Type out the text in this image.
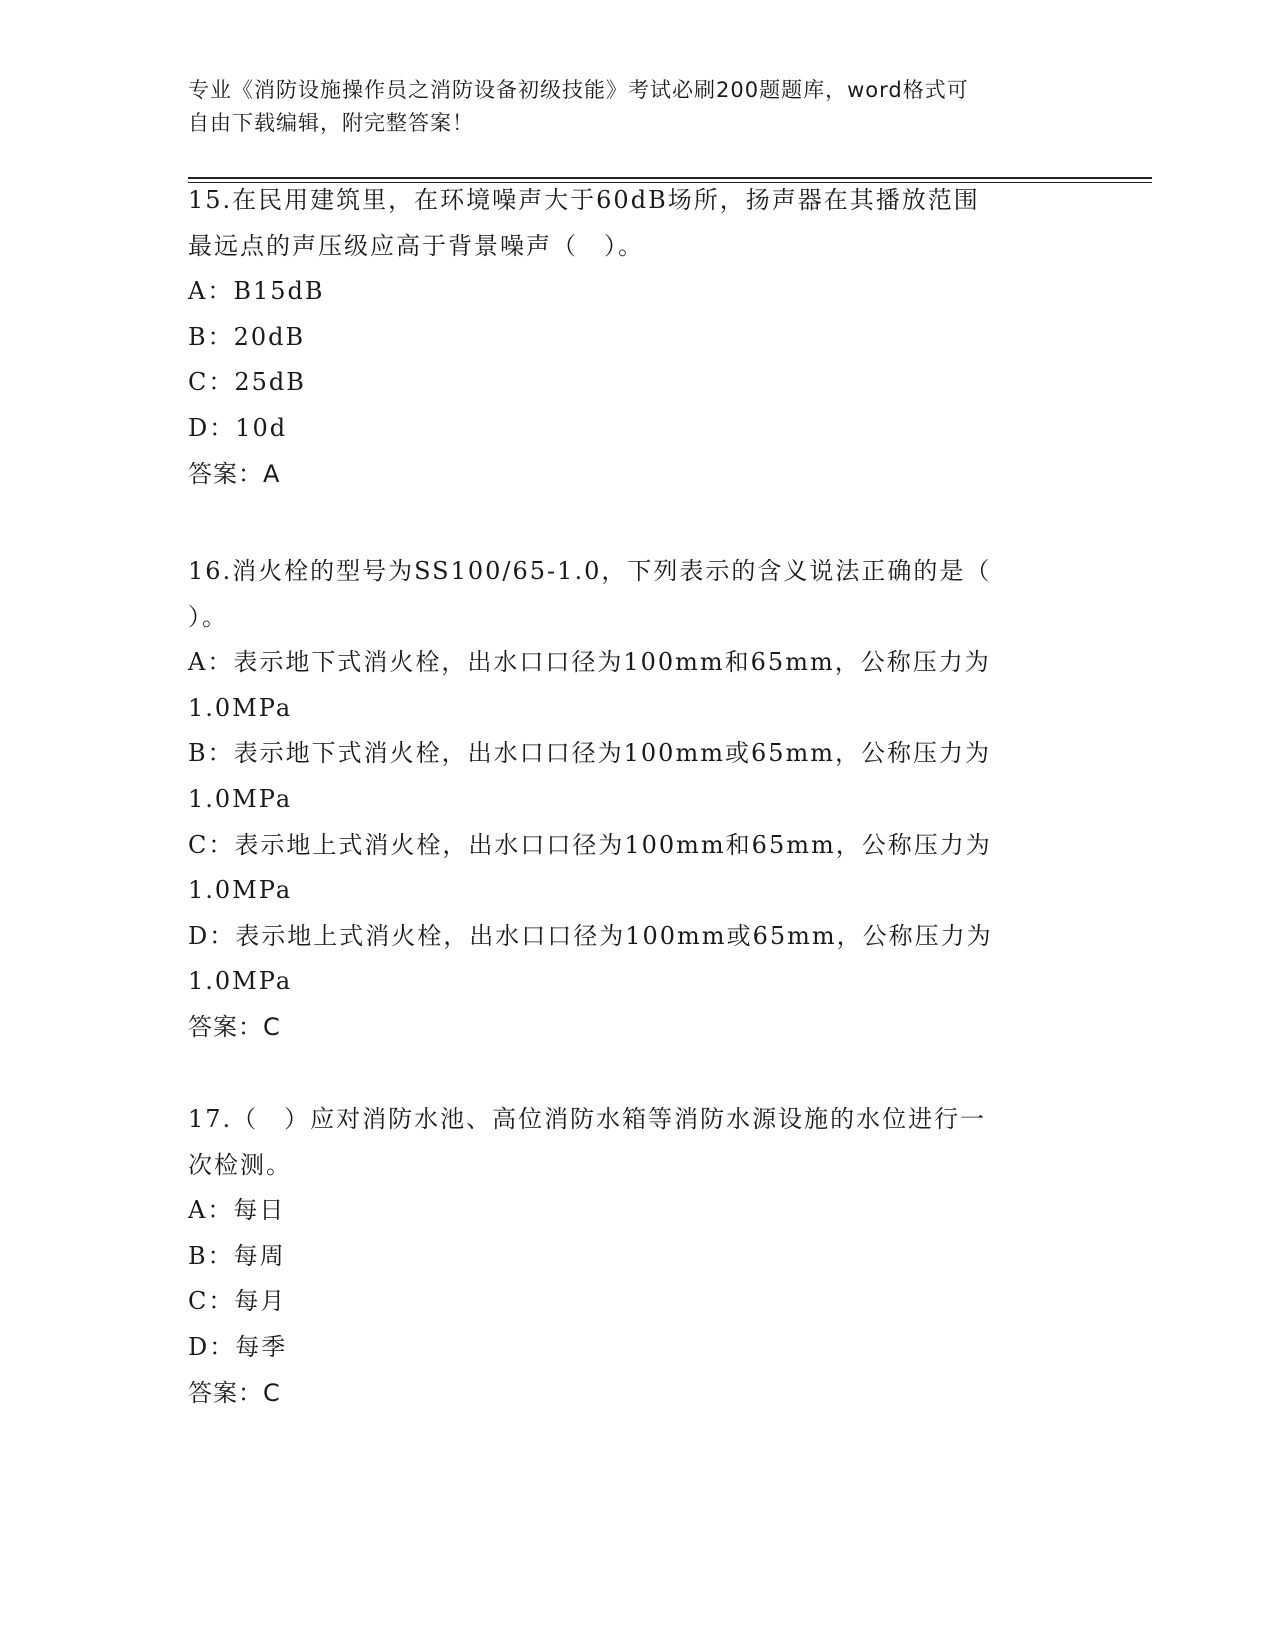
专业《消防设施操作员之消防设备初级技能》考试必刷200题题库，word格式可
自由下载编辑，附完整答案！
15.在民用建筑里，在环境噪声大于60dB场所，扬声器在其播放范围
最远点的声压级应高于背景噪声（　）。
A：B15dB
B：20dB
C：25dB
D：10d
答案：A
16.消火栓的型号为SS100/65-1.0，下列表示的含义说法正确的是（
）。
A：表示地下式消火栓，出水口口径为100mm和65mm，公称压力为
1.0MPa
B：表示地下式消火栓，出水口口径为100mm或65mm，公称压力为
1.0MPa
C：表示地上式消火栓，出水口口径为100mm和65mm，公称压力为
1.0MPa
D：表示地上式消火栓，出水口口径为100mm或65mm，公称压力为
1.0MPa
答案：C
17.（　）应对消防水池、高位消防水箱等消防水源设施的水位进行一
次检测。
A：每日
B：每周
C：每月
D：每季
答案：C
